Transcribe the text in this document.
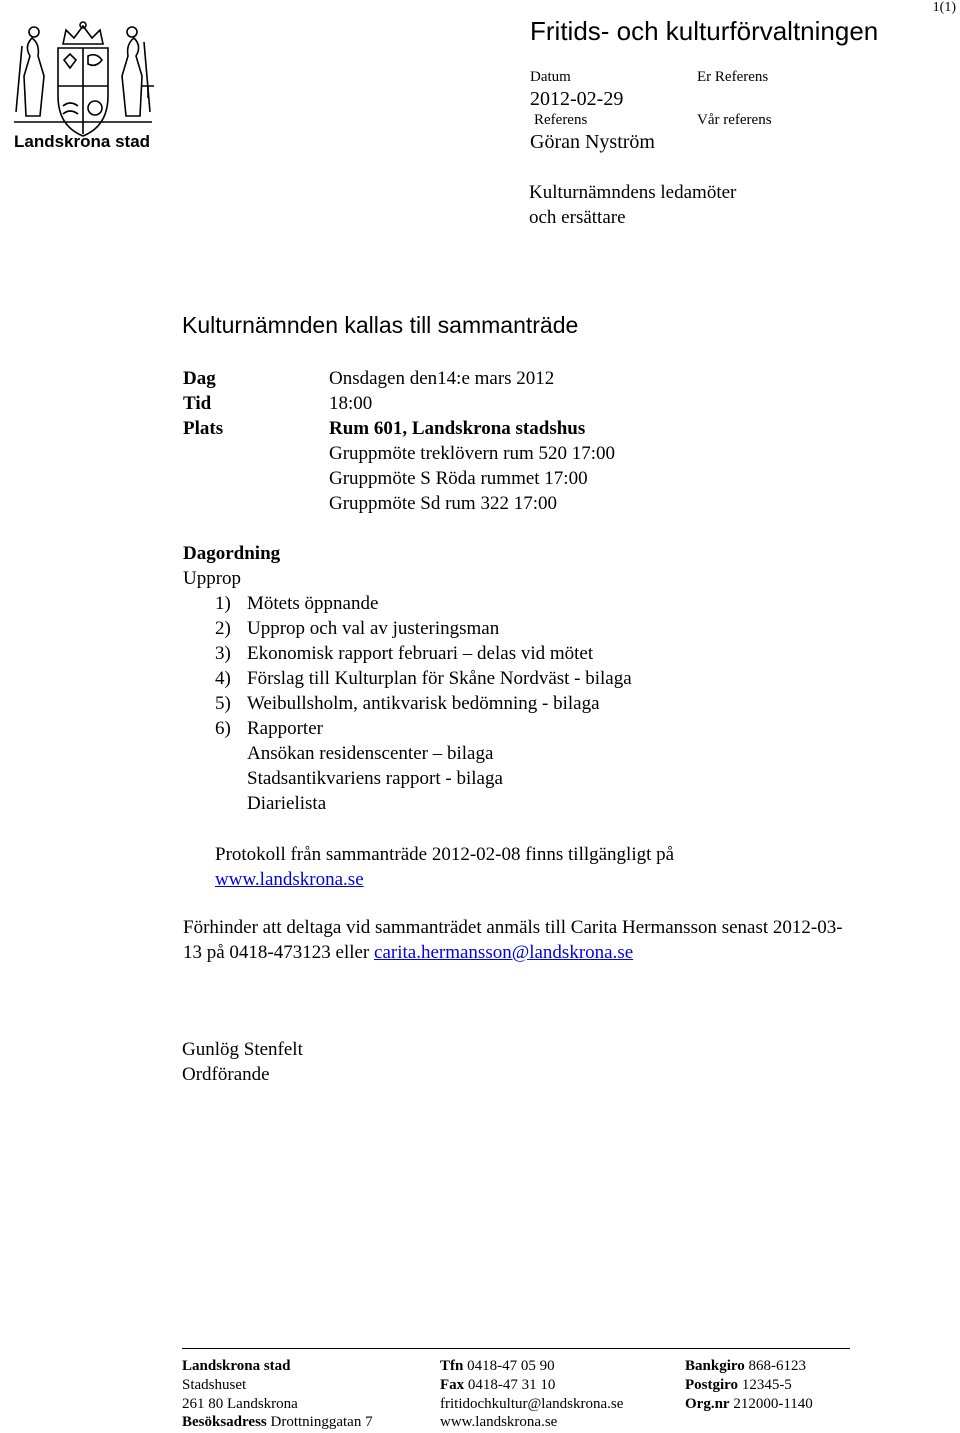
1(1)
Landskrona stad
Fritids- och kulturförvaltningen
Datum
2012-02-29
Referens
Göran Nyström
Er Referens
Vår referens
Kulturnämndens ledamöter
och ersättare
Kulturnämnden kallas till sammanträde
Dag	Onsdagen den14:e mars 2012
Tid	18:00
Plats	Rum 601, Landskrona stadshus
Gruppmöte treklövern rum 520 17:00
Gruppmöte S Röda rummet 17:00
Gruppmöte Sd rum 322 17:00
Dagordning
Upprop
1) Mötets öppnande
2) Upprop och val av justeringsman
3) Ekonomisk rapport februari – delas vid mötet
4) Förslag till Kulturplan för Skåne Nordväst - bilaga
5) Weibullsholm, antikvarisk bedömning - bilaga
6) Rapporter
Ansökan residenscenter – bilaga
Stadsantikvariens rapport - bilaga
Diarielista
Protokoll från sammanträde 2012-02-08 finns tillgängligt på
www.landskrona.se
Förhinder att deltaga vid sammanträdet anmäls till Carita Hermansson senast 2012-03-
13 på 0418-473123 eller carita.hermansson@landskrona.se
Gunlög Stenfelt
Ordförande
Landskrona stad
Stadshuset
261 80 Landskrona
Besöksadress Drottninggatan 7
Tfn 0418-47 05 90
Fax 0418-47 31 10
fritidochkultur@landskrona.se
www.landskrona.se
Bankgiro 868-6123
Postgiro 12345-5
Org.nr 212000-1140
